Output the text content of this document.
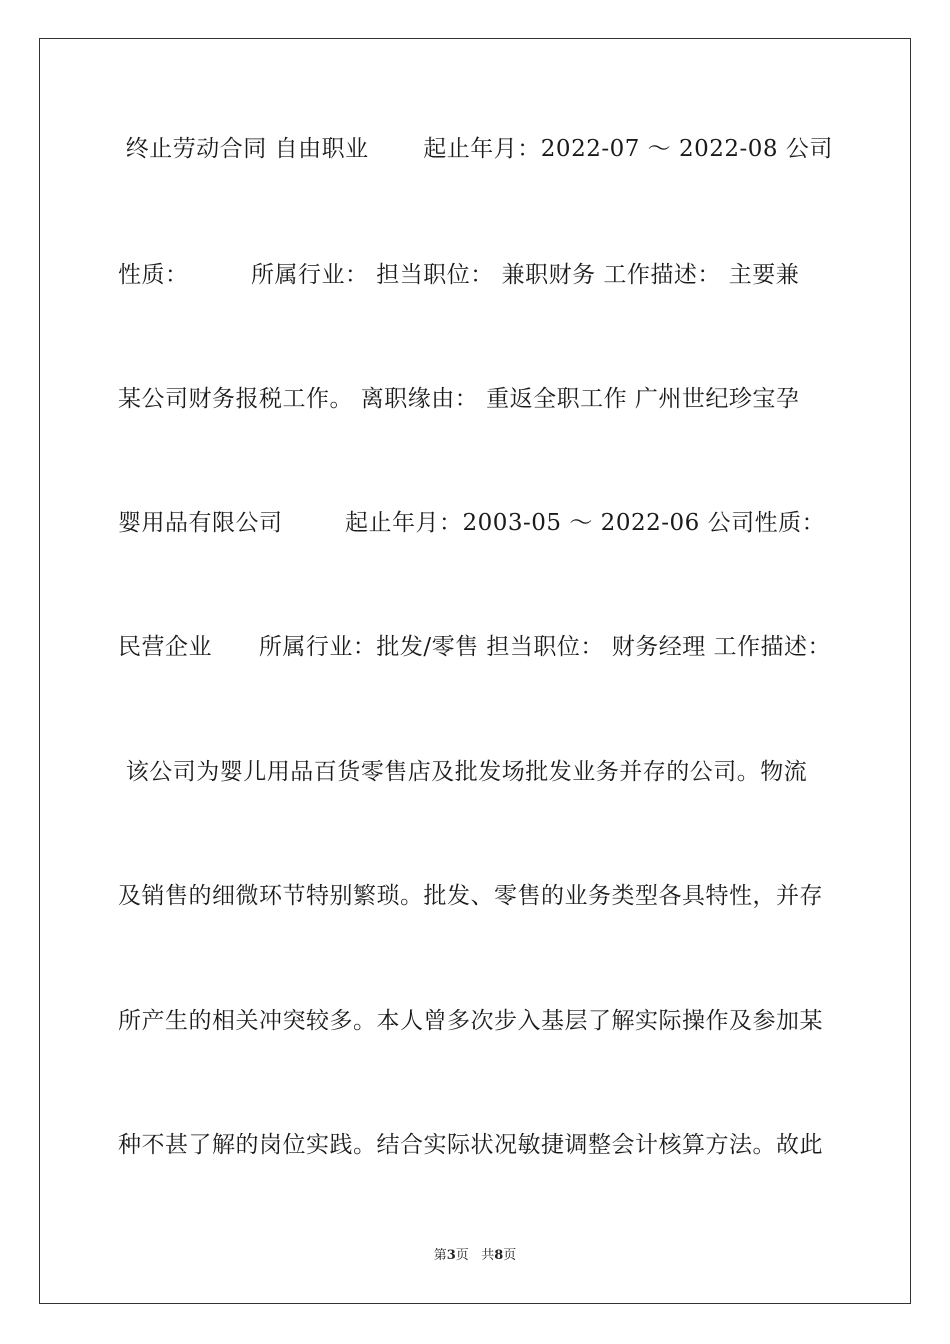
终止劳动合同 自由职业       起止年月：2022-07 ～ 2022-08 公司
性质：        所属行业： 担当职位： 兼职财务 工作描述： 主要兼
某公司财务报税工作。 离职缘由： 重返全职工作 广州世纪珍宝孕
婴用品有限公司        起止年月：2003-05 ～ 2022-06 公司性质：
民营企业      所属行业：批发/零售 担当职位： 财务经理 工作描述：
该公司为婴儿用品百货零售店及批发场批发业务并存的公司。物流
及销售的细微环节特别繁琐。批发、零售的业务类型各具特性，并存
所产生的相关冲突较多。本人曾多次步入基层了解实际操作及参加某
种不甚了解的岗位实践。结合实际状况敏捷调整会计核算方法。故此
第3页 共8页
